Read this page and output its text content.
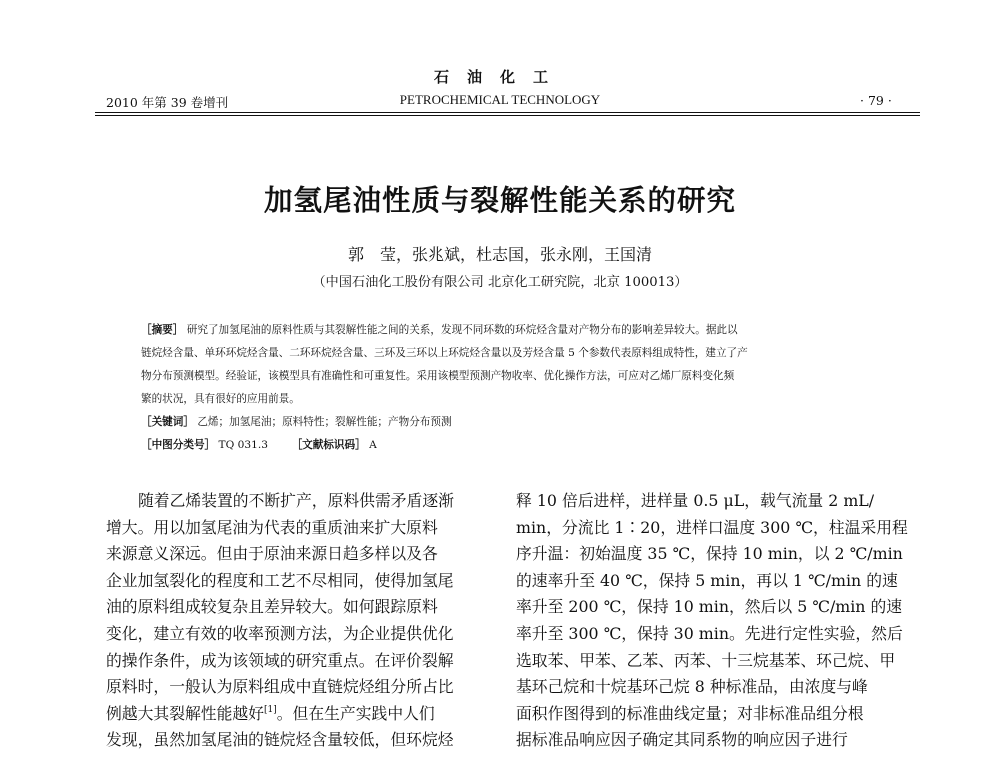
石油化工
2010 年第 39 卷增刊	PETROCHEMICAL TECHNOLOGY	· 79 ·
加氢尾油性质与裂解性能关系的研究
郭　莹，张兆斌，杜志国，张永刚，王国清
（中国石油化工股份有限公司 北京化工研究院，北京 100013）
［摘要］ 研究了加氢尾油的原料性质与其裂解性能之间的关系，发现不同环数的环烷烃含量对产物分布的影响差异较大。据此以
链烷烃含量、单环环烷烃含量、二环环烷烃含量、三环及三环以上环烷烃含量以及芳烃含量 5 个参数代表原料组成特性，建立了产
物分布预测模型。经验证，该模型具有准确性和可重复性。采用该模型预测产物收率、优化操作方法，可应对乙烯厂原料变化频
繁的状况，具有很好的应用前景。
［关键词］ 乙烯；加氢尾油；原料特性；裂解性能；产物分布预测
［中图分类号］ TQ 031.3 ［文献标识码］ A
随着乙烯装置的不断扩产，原料供需矛盾逐渐
增大。用以加氢尾油为代表的重质油来扩大原料
来源意义深远。但由于原油来源日趋多样以及各
企业加氢裂化的程度和工艺不尽相同，使得加氢尾
油的原料组成较复杂且差异较大。如何跟踪原料
变化，建立有效的收率预测方法，为企业提供优化
的操作条件，成为该领域的研究重点。在评价裂解
原料时，一般认为原料组成中直链烷烃组分所占比
例越大其裂解性能越好[1]。但在生产实践中人们
发现，虽然加氢尾油的链烷烃含量较低，但环烷烃
释 10 倍后进样，进样量 0.5 μL，载气流量 2 mL/
min，分流比 1∶20，进样口温度 300 ℃，柱温采用程
序升温：初始温度 35 ℃，保持 10 min，以 2 ℃/min
的速率升至 40 ℃，保持 5 min，再以 1 ℃/min 的速
率升至 200 ℃，保持 10 min，然后以 5 ℃/min 的速
率升至 300 ℃，保持 30 min。先进行定性实验，然后
选取苯、甲苯、乙苯、丙苯、十三烷基苯、环己烷、甲
基环己烷和十烷基环己烷 8 种标准品，由浓度与峰
面积作图得到的标准曲线定量；对非标准品组分根
据标准品响应因子确定其同系物的响应因子进行
